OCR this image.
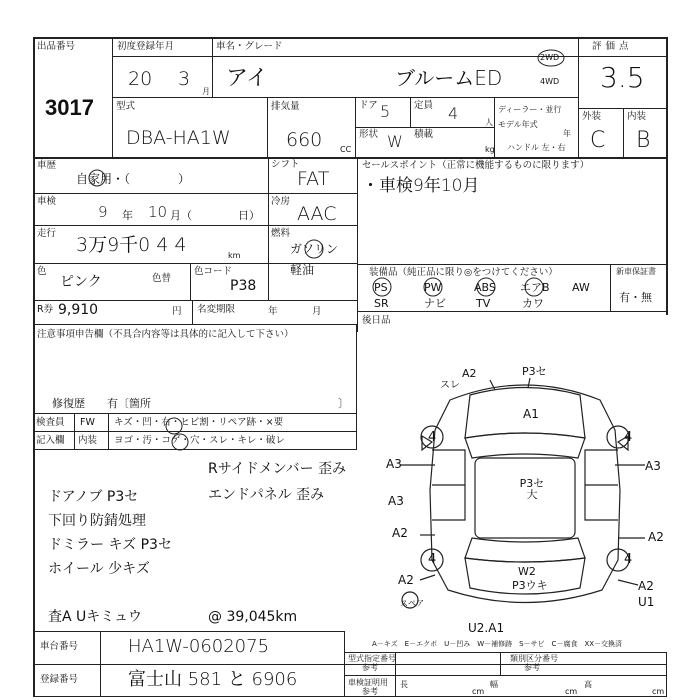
出品番号
3017
初度登録年月
20 3
月
車名・グレード
アイ	ブルームED
2WD
4WD
評価点
3.5
型式
DBA-HA1W
排気量
660 CC
ドア 5	定員 4	人
形状 W 積載
kg
ディーラー・並行
モデル年式
年
ハンドル 左・右
外装	内装
C B
車歴
自家用・（　　　　）
車検
9 年 10 月（	日）
走行
3万9千0 4 4	km
色
ピンク	色替
色コード
P38
シフト
FAT
冷房
AAC
燃料
ガソリン
軽油
R券 9,910	円 名変期限	年	月
セールスポイント（正常に機能するものに限ります）
・車検9年10月
装備品（純正品に限り◎をつけてください）
PS	PW	ABS エアB AW
SR	ナビ	TV	カワ
新車保証書
有・無
後日品
注意事項申告欄（不具合内容等は具体的に記入して下さい）
修復歴　　有〔箇所	〕
検査員 FW キズ・凹・右・ヒビ割・リペア跡・×要
記入欄 内装 ヨゴ・汚・コゲ・穴・スレ・キレ・破レ
Rサイドメンバー 歪み
エンドパネル 歪み
ドアノブ P3セ
下回り防錆処理
ドミラー キズ P3セ
ホイール 少キズ
査A Uキミュウ	@ 39,045km
A2	P3セ
スレ
A1
4	4
4	4
A3
A3
A2
A3
A2
P3セ 大
W2
P3ウキ
A2	A2
U1
スペア
U2.A1
A－キズ　E－エクボ　U－凹み　W－補修跡　S－サビ　C－腐食　XX－交換済
車台番号	HA1W-0602075
登録番号	富士山 581 と 6906
型式指定番号
参考
類別区分番号
参考
車検証明用
参考
長
cm
幅
cm
高
cm
